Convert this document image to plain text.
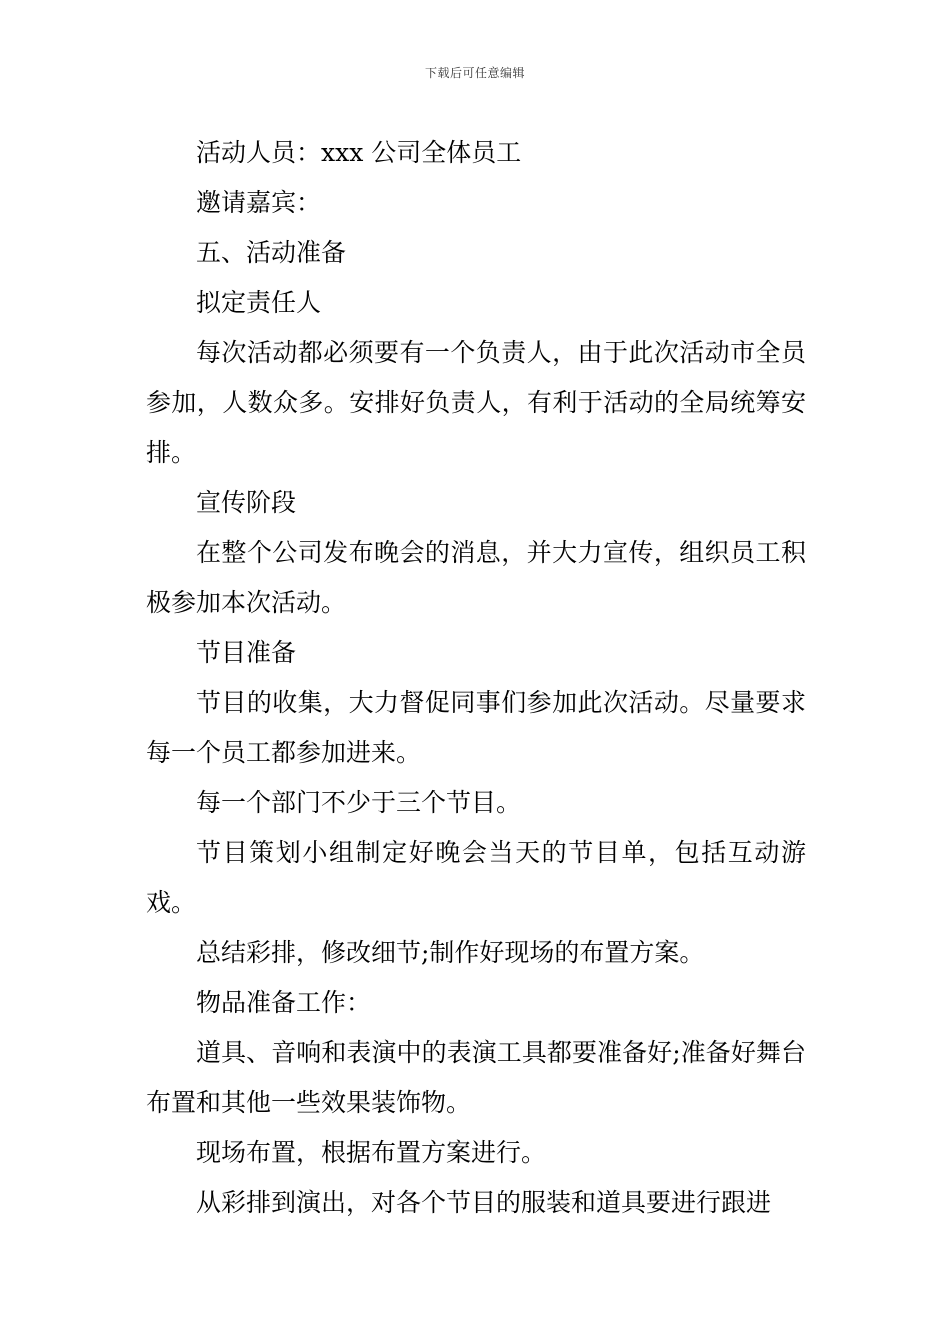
下载后可任意编辑

活动人员：xxx 公司全体员工

邀请嘉宾：

五、活动准备

拟定责任人

每次活动都必须要有一个负责人，由于此次活动市全员参加，人数众多。安排好负责人，有利于活动的全局统筹安排。

宣传阶段

在整个公司发布晚会的消息，并大力宣传，组织员工积极参加本次活动。

节目准备

节目的收集，大力督促同事们参加此次活动。尽量要求每一个员工都参加进来。

每一个部门不少于三个节目。

节目策划小组制定好晚会当天的节目单，包括互动游戏。

总结彩排，修改细节;制作好现场的布置方案。

物品准备工作：

道具、音响和表演中的表演工具都要准备好;准备好舞台布置和其他一些效果装饰物。

现场布置，根据布置方案进行。

从彩排到演出，对各个节目的服装和道具要进行跟进
